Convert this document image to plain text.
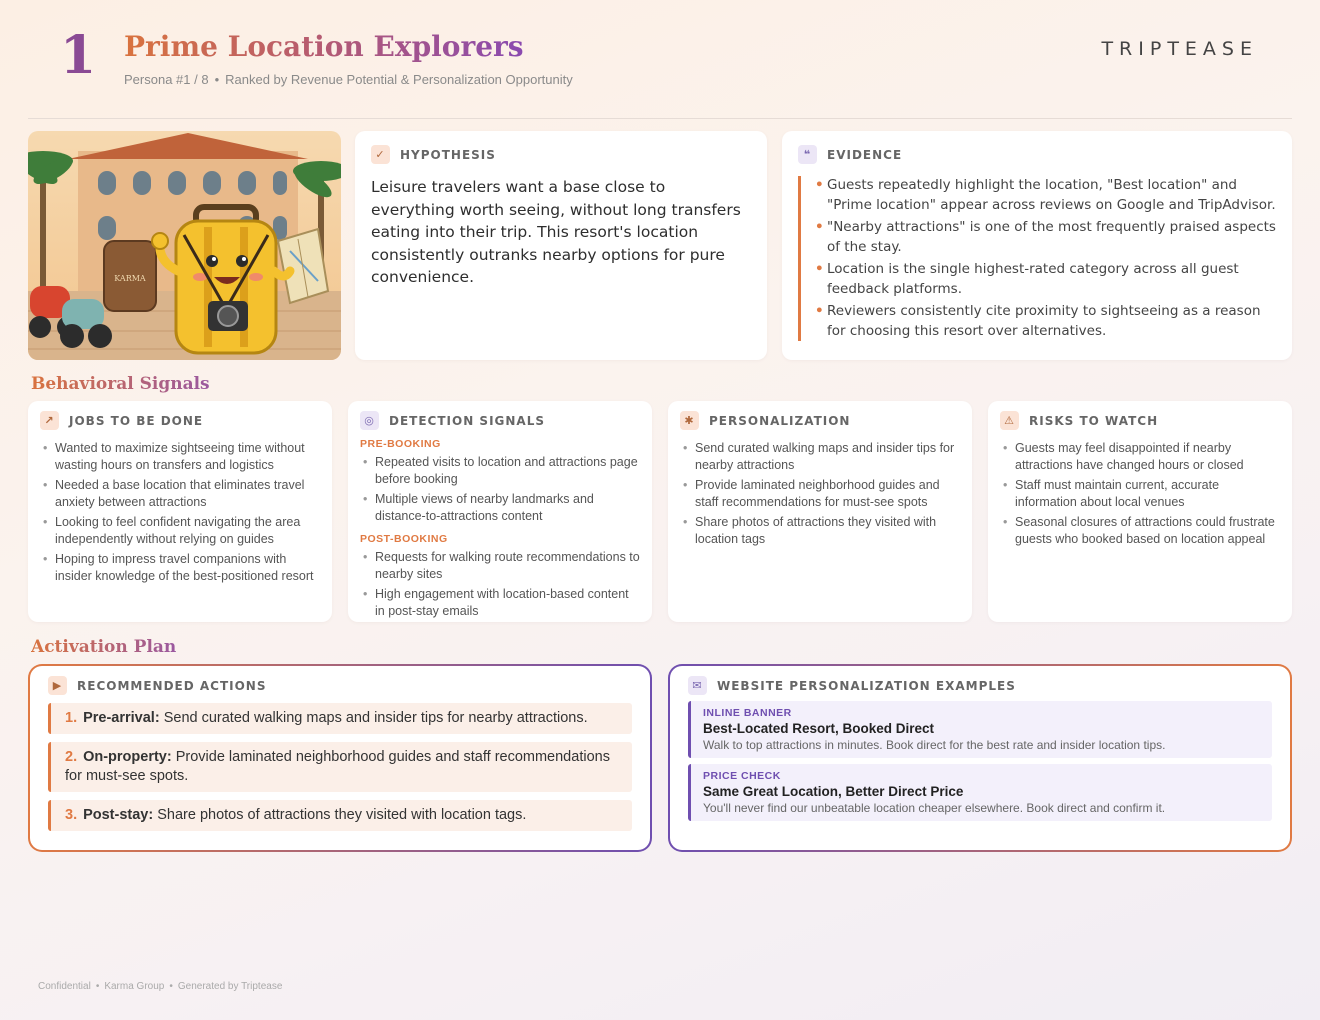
1 Prime Location Explorers
Persona #1 / 8 • Ranked by Revenue Potential & Personalization Opportunity
TRIPTEASE
KARMA
✓	HYPOTHESIS

Leisure travelers want a base close to everything worth seeing, without long transfers eating into their trip. This resort's location consistently outranks nearby options for pure convenience.

❝	EVIDENCE
• Guests repeatedly highlight the location, "Best location" and "Prime location" appear across reviews on Google and TripAdvisor.
• "Nearby attractions" is one of the most frequently praised aspects of the stay.
• Location is the single highest-rated category across all guest feedback platforms.
• Reviewers consistently cite proximity to sightseeing as a reason for choosing this resort over alternatives.
Behavioral Signals
↗	JOBS TO BE DONE
• Wanted to maximize sightseeing time without wasting hours on transfers and logistics
• Needed a base location that eliminates travel anxiety between attractions
• Looking to feel confident navigating the area independently without relying on guides
• Hoping to impress travel companions with insider knowledge of the best-positioned resort
◎	DETECTION SIGNALS
PRE-BOOKING
• Repeated visits to location and attractions page before booking
• Multiple views of nearby landmarks and distance-to-attractions content
POST-BOOKING
• Requests for walking route recommendations to nearby sites
• High engagement with location-based content in post-stay emails
✱	PERSONALIZATION
• Send curated walking maps and insider tips for nearby attractions
• Provide laminated neighborhood guides and staff recommendations for must-see spots
• Share photos of attractions they visited with location tags
⚠	RISKS TO WATCH
• Guests may feel disappointed if nearby attractions have changed hours or closed
• Staff must maintain current, accurate information about local venues
• Seasonal closures of attractions could frustrate guests who booked based on location appeal
Activation Plan
▶	RECOMMENDED ACTIONS
1. Pre-arrival: Send curated walking maps and insider tips for nearby attractions.
2. On-property: Provide laminated neighborhood guides and staff recommendations for must-see spots.
3. Post-stay: Share photos of attractions they visited with location tags.
✉	WEBSITE PERSONALIZATION EXAMPLES
INLINE BANNER
Best-Located Resort, Booked Direct
Walk to top attractions in minutes. Book direct for the best rate and insider location tips.
PRICE CHECK
Same Great Location, Better Direct Price
You'll never find our unbeatable location cheaper elsewhere. Book direct and confirm it.
Confidential • Karma Group • Generated by Triptease
